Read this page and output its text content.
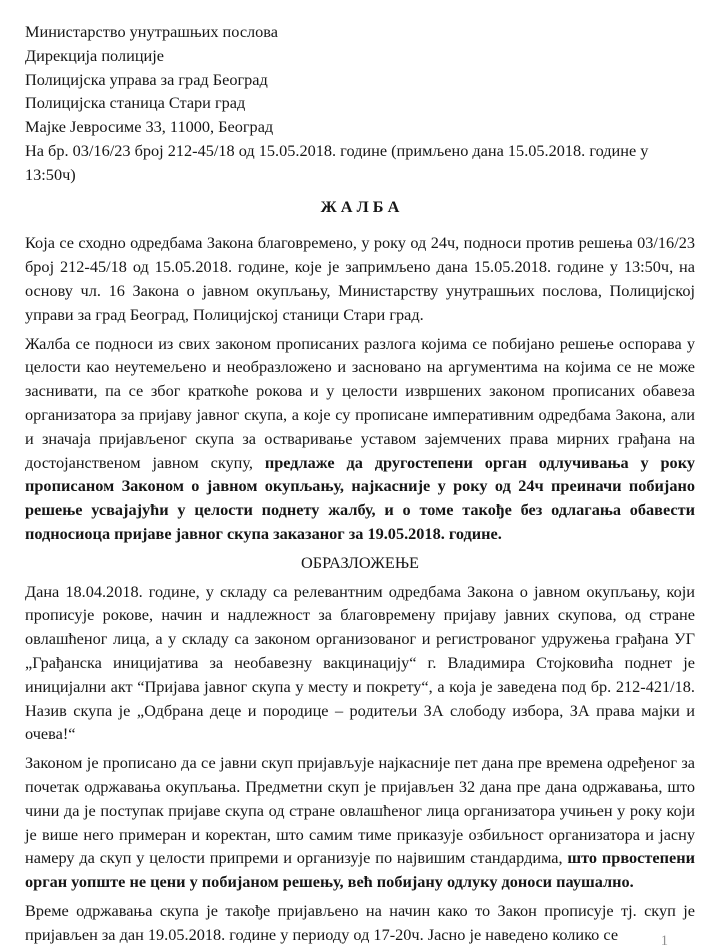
Министарство унутрашњих послова
Дирекција полиције
Полицијска управа за град Београд
Полицијска станица Стари град
Мајке Јевросиме 33, 11000, Београд
На бр. 03/16/23 број 212-45/18 од 15.05.2018. године (примљено дана 15.05.2018. године у 13:50ч)
Ж А Л Б А

Која се сходно одредбама Закона благовремено, у року од 24ч, подноси против решења 03/16/23 број 212-45/18 од 15.05.2018. године, које је запримљено дана 15.05.2018. године у 13:50ч, на основу чл. 16 Закона о јавном окупљању, Министарству унутрашњих послова, Полицијској управи за град Београд, Полицијској станици Стари град.

Жалба се подноси из свих законом прописаних разлога којима се побијано решење оспорава у целости као неутемељено и необразложено и засновано на аргументима на којима се не може заснивати, па се због краткоће рокова и у целости извршених законом прописаних обавеза организатора за пријаву јавног скупа, а које су прописане императивним одредбама Закона, али и значаја пријављеног скупа за остваривање уставом зајемчених права мирних грађана на достојанственом јавном скупу, предлаже да другостепени орган одлучивања у року прописаном Законом о јавном окупљању, најкасније у року од 24ч преиначи побијано решење усвајајући у целости поднету жалбу, и о томе такође без одлагања обавести подносиоца пријаве јавног скупа заказаног за 19.05.2018. године.

ОБРАЗЛОЖЕЊЕ

Дана 18.04.2018. године, у складу са релевантним одредбама Закона о јавном окупљању, који прописује рокове, начин и надлежност за благовремену пријаву јавних скупова, од стране овлашћеног лица, а у складу са законом организованог и регистрованог удружења грађана УГ „Грађанска иницијатива за необавезну вакцинацију“ г. Владимира Стојковића поднет је иницијални акт “Пријава јавног скупа у месту и покрету“, а која је заведена под бр. 212-421/18. Назив скупа је „Одбрана деце и породице – родитељи ЗА слободу избора, ЗА права мајки и очева!“

Законом је прописано да се јавни скуп пријављује најкасније пет дана пре времена одређеног за почетак одржавања окупљања. Предметни скуп је пријављен 32 дана пре дана одржавања, што чини да је поступак пријаве скупа од стране овлашћеног лица организатора учињен у року који је више него примеран и коректан, што самим тиме приказује озбиљност организатора и јасну намеру да скуп у целости припреми и организује по највишим стандардима, што првостепени орган уопште не цени у побијаном решењу, већ побијану одлуку доноси паушално.

Време одржавања скупа је такође пријављено на начин како то Закон прописује тј. скуп је пријављен за дан 19.05.2018. године у периоду од 17-20ч. Јасно је наведено колико се	1
